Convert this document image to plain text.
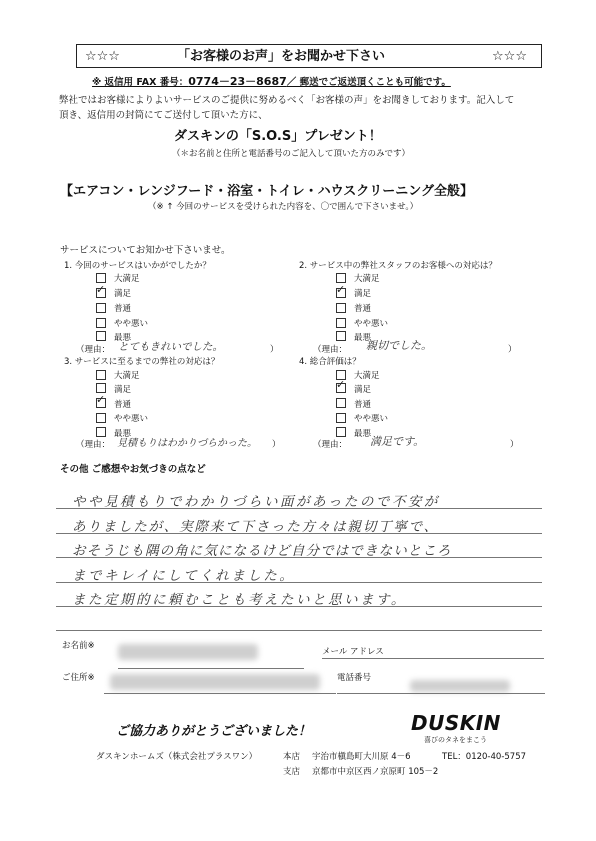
☆☆☆	「お客様のお声」をお聞かせ下さい	☆☆☆
※ 返信用 FAX 番号：0774－23－8687／ 郵送でご返送頂くことも可能です。
弊社ではお客様によりよいサービスのご提供に努めるべく「お客様の声」をお聞きしております。記入して
頂き、返信用の封筒にてご送付して頂いた方に、
ダスキンの「S.O.S」プレゼント！
（＊お名前と住所と電話番号のご記入して頂いた方のみです）
【エアコン・レンジフード・浴室・トイレ・ハウスクリーニング全般】
（※ ↑ 今回のサービスを受けられた内容を、〇で囲んで下さいませ。）
サービスについてお知かせ下さいませ。
1. 今回のサービスはいかがでしたか？
大満足
✓
満足
普通
やや悪い
最悪
（理由： とてもきれいでした。	）
2. サービス中の弊社スタッフのお客様への対応は？
大満足
✓
満足
普通
やや悪い
最悪
（理由： 親切でした。	）
3. サービスに至るまでの弊社の対応は？
大満足
満足
✓
普通
やや悪い
最悪
（理由： 見積もりはわかりづらかった。 ）
4. 総合評価は？
大満足
✓
満足
普通
やや悪い
最悪
（理由： 満足です。	）
その他 ご感想やお気づきの点など
やや見積もりでわかりづらい面があったので不安が
ありましたが、実際来て下さった方々は親切丁寧で、
おそうじも隅の角に気になるけど自分ではできないところ
までキレイにしてくれました。
また定期的に頼むことも考えたいと思います。
お名前※
メール アドレス
ご住所※	電話番号
ご協力ありがとうございました！	DUSKIN
喜びのタネをまこう
ダスキンホームズ（株式会社プラスワン）	本店 宇治市槇島町大川原 4－6	TEL：0120-40-5757
支店 京都市中京区西ノ京原町 105－2
